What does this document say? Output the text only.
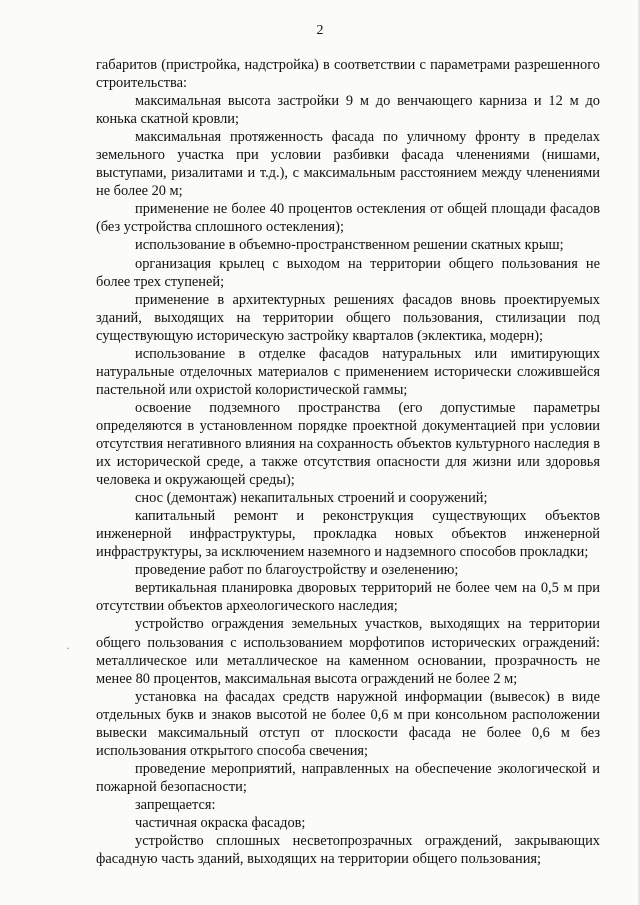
2

габаритов (пристройка, надстройка) в соответствии с параметрами разрешенного строительства:

максимальная высота застройки 9 м до венчающего карниза и 12 м до конька скатной кровли;

максимальная протяженность фасада по уличному фронту в пределах земельного участка при условии разбивки фасада членениями (нишами, выступами, ризалитами и т.д.), с максимальным расстоянием между членениями не более 20 м;

применение не более 40 процентов остекления от общей площади фасадов (без устройства сплошного остекления);

использование в объемно-пространственном решении скатных крыш;

организация крылец с выходом на территории общего пользования не более трех ступеней;

применение в архитектурных решениях фасадов вновь проектируемых зданий, выходящих на территории общего пользования, стилизации под существующую историческую застройку кварталов (эклектика, модерн);

использование в отделке фасадов натуральных или имитирующих натуральные отделочных материалов с применением исторически сложившейся пастельной или охристой колористической гаммы;

освоение подземного пространства (его допустимые параметры определяются в установленном порядке проектной документацией при условии отсутствия негативного влияния на сохранность объектов культурного наследия в их исторической среде, а также отсутствия опасности для жизни или здоровья человека и окружающей среды);

снос (демонтаж) некапитальных строений и сооружений;

капитальный ремонт и реконструкция существующих объектов инженерной инфраструктуры, прокладка новых объектов инженерной инфраструктуры, за исключением наземного и надземного способов прокладки;

проведение работ по благоустройству и озеленению;

вертикальная планировка дворовых территорий не более чем на 0,5 м при отсутствии объектов археологического наследия;

устройство ограждения земельных участков, выходящих на территории общего пользования с использованием морфотипов исторических ограждений: металлическое или металлическое на каменном основании, прозрачность не менее 80 процентов, максимальная высота ограждений не более 2 м;

установка на фасадах средств наружной информации (вывесок) в виде отдельных букв и знаков высотой не более 0,6 м при консольном расположении вывески максимальный отступ от плоскости фасада не более 0,6 м без использования открытого способа свечения;

проведение мероприятий, направленных на обеспечение экологической и пожарной безопасности;

запрещается:

частичная окраска фасадов;

устройство сплошных несветопрозрачных ограждений, закрывающих фасадную часть зданий, выходящих на территории общего пользования;

·
